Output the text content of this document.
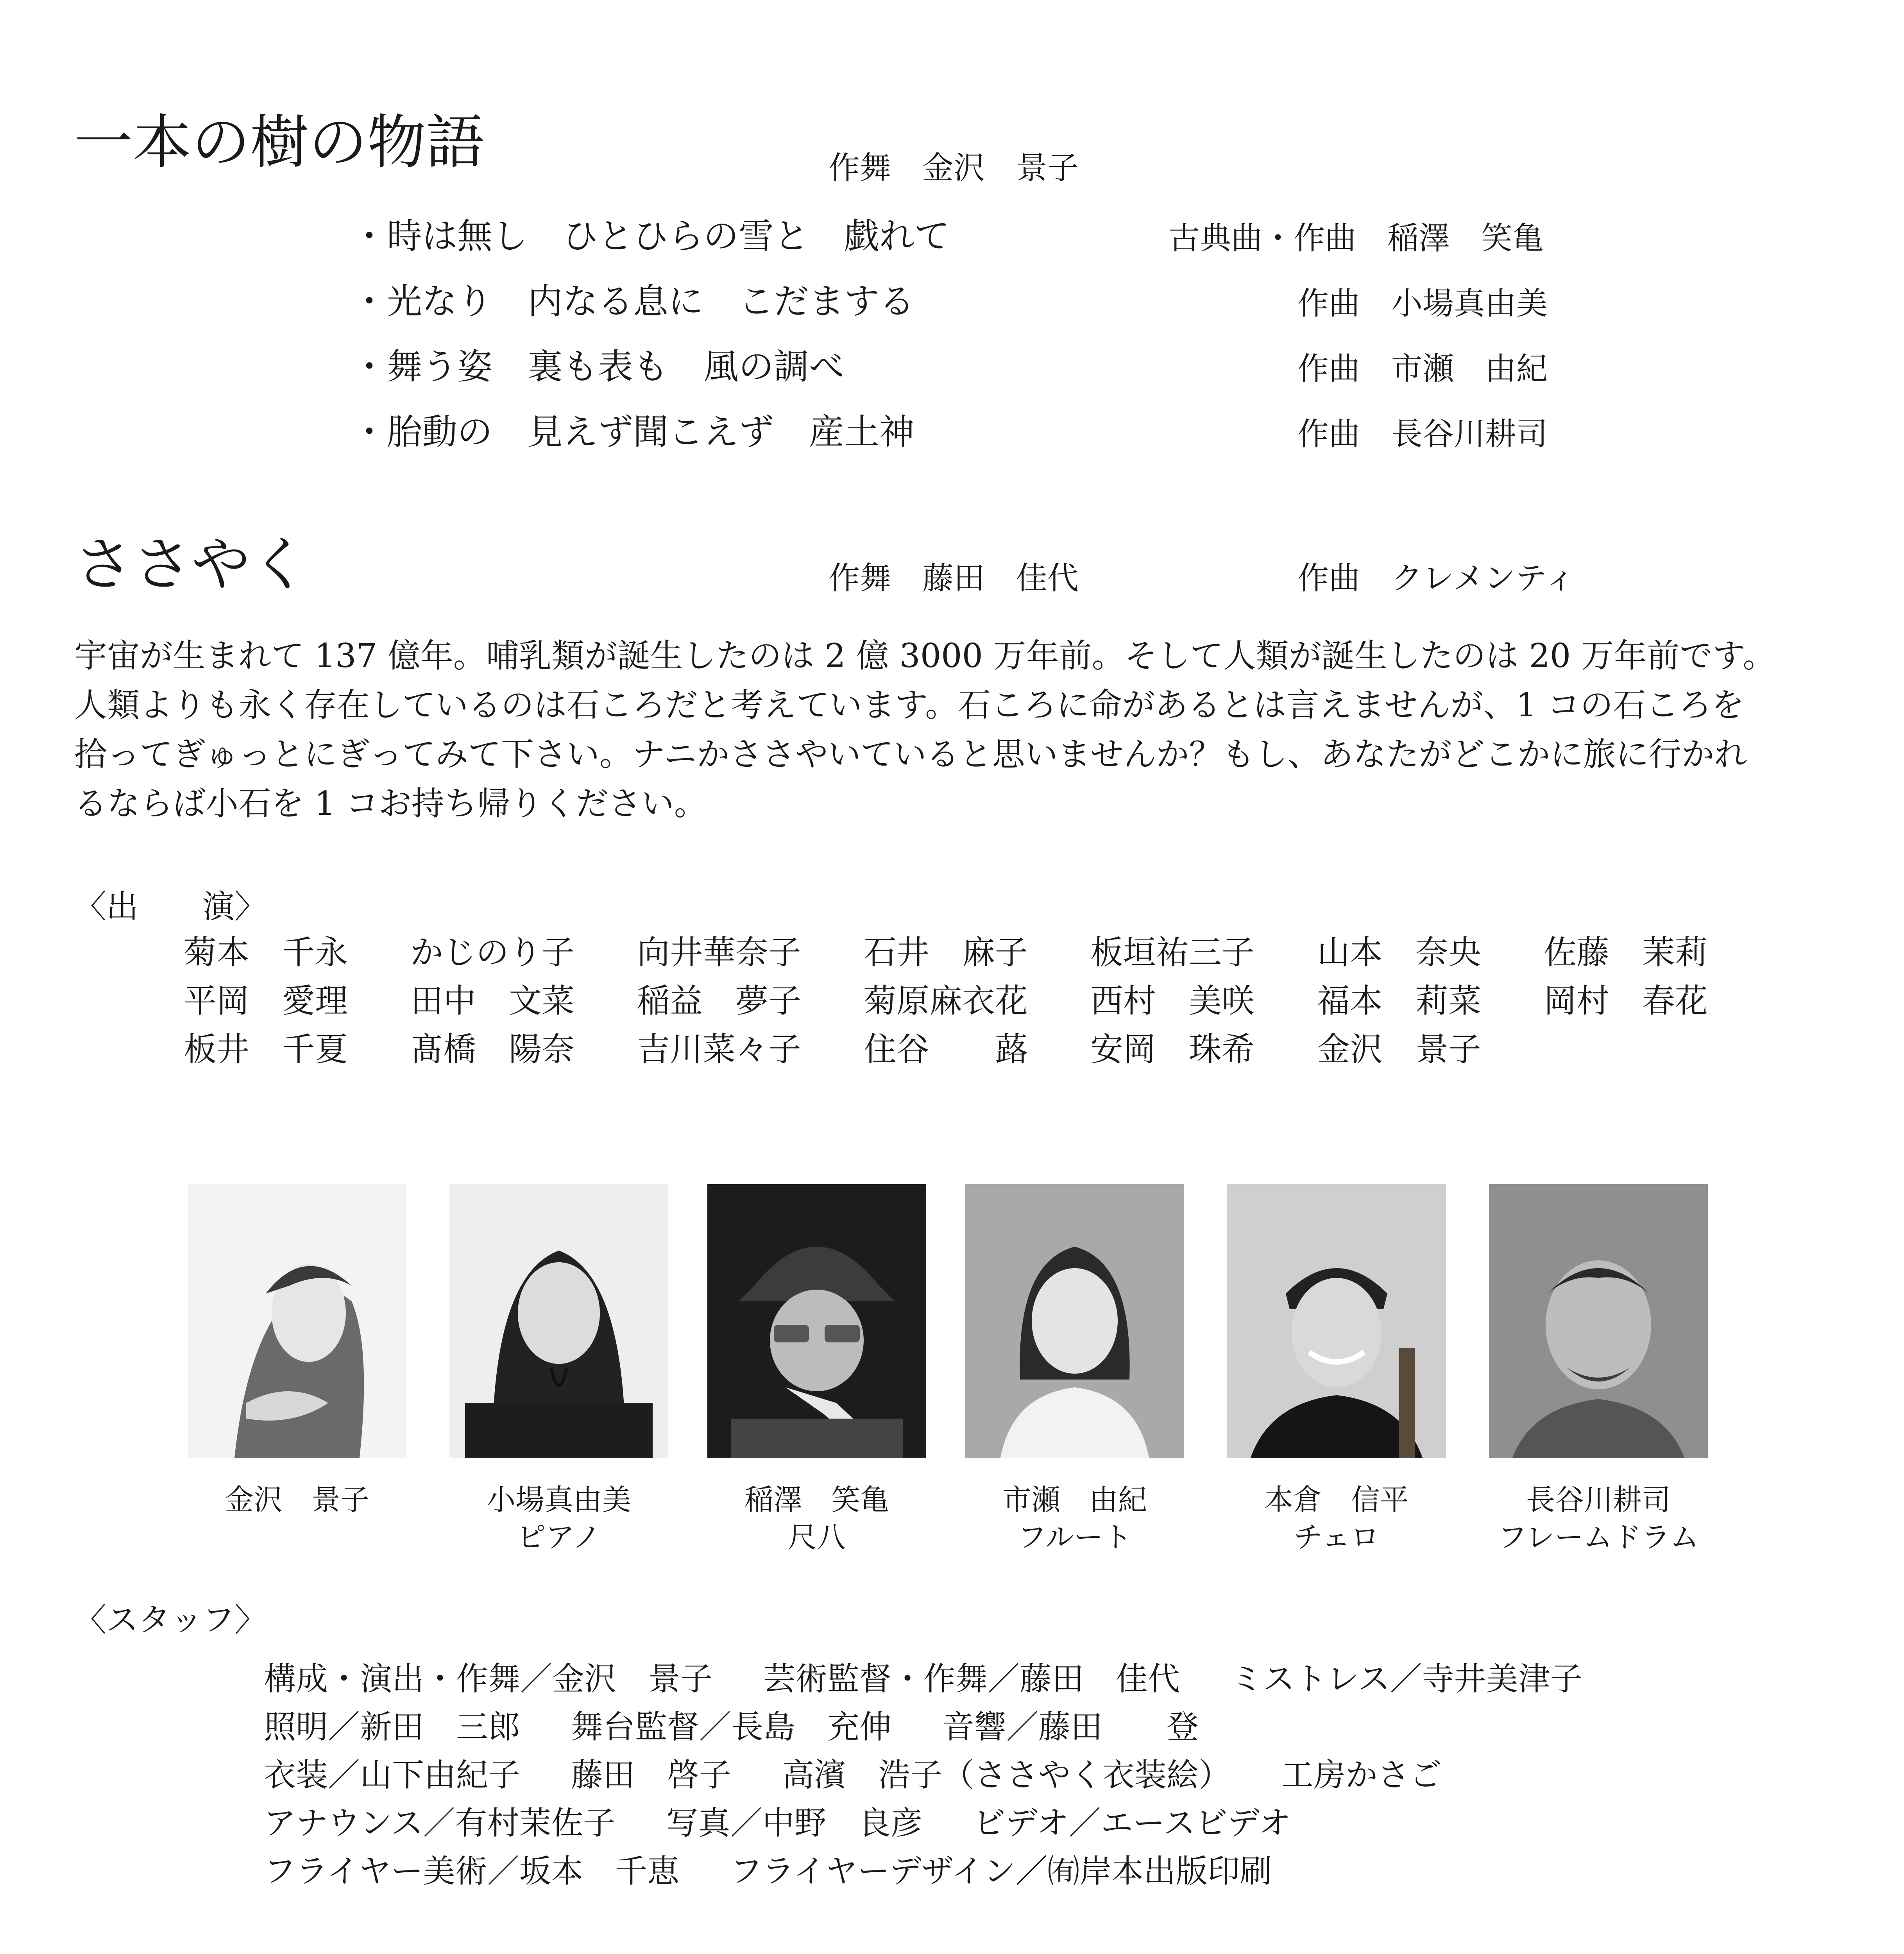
一本の樹の物語	作舞　金沢　景子
・時は無し　ひとひらの雪と　戯れて	古典曲・作曲　稲澤　笑亀
・光なり　内なる息に　こだまする	作曲　小場真由美
・舞う姿　裏も表も　風の調べ	作曲　市瀬　由紀
・胎動の　見えず聞こえず　産土神	作曲　長谷川耕司
ささやく	作舞　藤田　佳代	作曲　クレメンティ
宇宙が生まれて 137 億年。哺乳類が誕生したのは 2 億 3000 万年前。そして人類が誕生したのは 20 万年前です。
人類よりも永く存在しているのは石ころだと考えています。石ころに命があるとは言えませんが、1 コの石ころを
拾ってぎゅっとにぎってみて下さい。ナニかささやいていると思いませんか？もし、あなたがどこかに旅に行かれ
るならば小石を 1 コお持ち帰りください。
〈出　　演〉
菊本　千永	かじのり子	向井華奈子	石井　麻子	板垣祐三子	山本　奈央	佐藤　茉莉
平岡　愛理	田中　文菜	稲益　夢子	菊原麻衣花	西村　美咲	福本　莉菜	岡村　春花
板井　千夏	髙橋　陽奈	吉川菜々子	住谷　　蕗	安岡　珠希	金沢　景子
金沢　景子	小場真由美
ピアノ
稲澤　笑亀
尺八
市瀬　由紀
フルート
本倉　信平
チェロ
長谷川耕司
フレームドラム
〈スタッフ〉
構成・演出・作舞／金沢　景子 芸術監督・作舞／藤田　佳代 ミストレス／寺井美津子
照明／新田　三郎 舞台監督／長島　充伸 音響／藤田　　登
衣装／山下由紀子 藤田　啓子 高濱　浩子（ささやく衣装絵） 工房かさご
アナウンス／有村茉佐子 写真／中野　良彦 ビデオ／エースビデオ
フライヤー美術／坂本　千恵 フライヤーデザイン／㈲岸本出版印刷
